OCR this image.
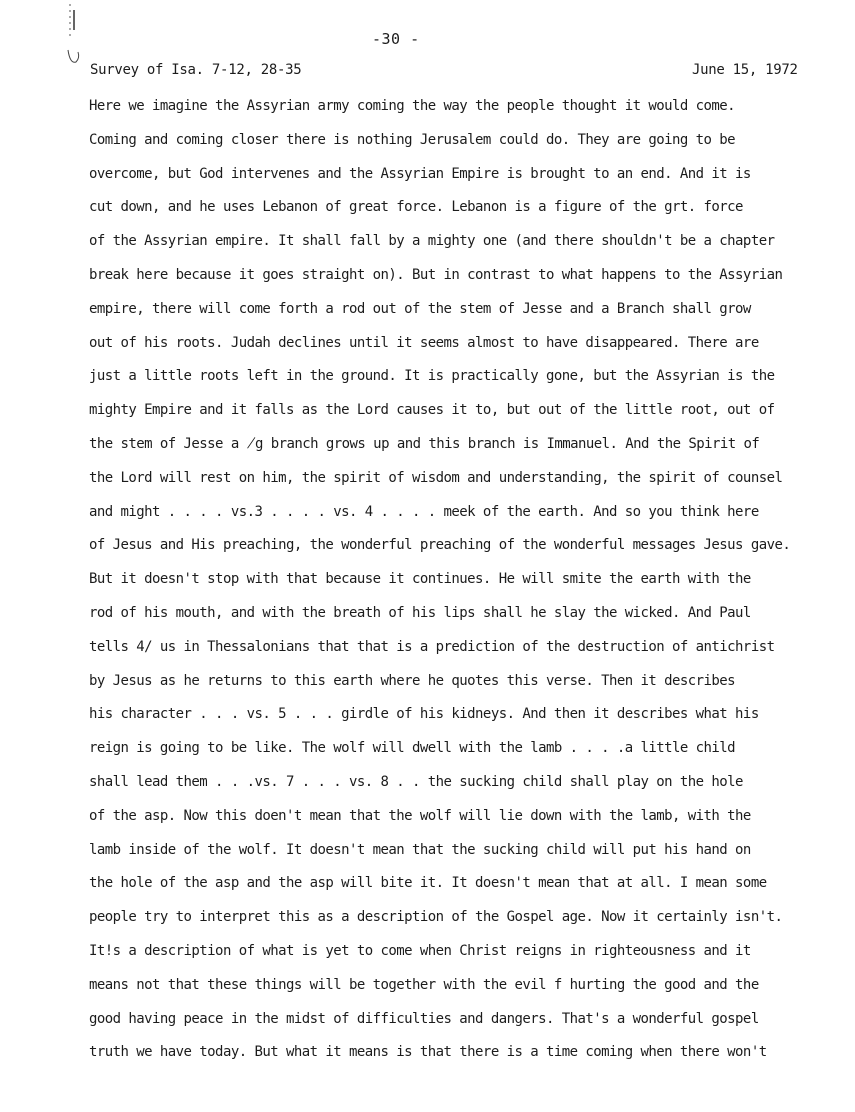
-30 -
Survey of Isa. 7-12, 28-35	June 15, 1972
Here we imagine the Assyrian army coming the way the people thought it would come.
Coming and coming closer there is nothing Jerusalem could do. They are going to be
overcome, but God intervenes and the Assyrian Empire is brought to an end. And it is
cut down, and he uses Lebanon of great force. Lebanon is a figure of the grt. force
of the Assyrian empire. It shall fall by a mighty one (and there shouldn't be a chapter
break here because it goes straight on). But in contrast to what happens to the Assyrian
empire, there will come forth a rod out of the stem of Jesse and a Branch shall grow
out of his roots. Judah declines until it seems almost to have disappeared. There are
just a little roots left in the ground. It is practically gone, but the Assyrian is the
mighty Empire and it falls as the Lord causes it to, but out of the little root, out of
the stem of Jesse a ̸g branch grows up and this branch is Immanuel. And the Spirit of
the Lord will rest on him, the spirit of wisdom and understanding, the spirit of counsel
and might . . . . vs.3 . . . . vs. 4 . . . . meek of the earth. And so you think here
of Jesus and His preaching, the wonderful preaching of the wonderful messages Jesus gave.
But it doesn't stop with that because it continues. He will smite the earth with the
rod of his mouth, and with the breath of his lips shall he slay the wicked. And Paul
tells 4/ us in Thessalonians that that is a prediction of the destruction of antichrist
by Jesus as he returns to this earth where he quotes this verse. Then it describes
his character . . . vs. 5 . . . girdle of his kidneys. And then it describes what his
reign is going to be like. The wolf will dwell with the lamb . . . .a little child
shall lead them . . .vs. 7 . . . vs. 8 . . the sucking child shall play on the hole
of the asp. Now this doen't mean that the wolf will lie down with the lamb, with the
lamb inside of the wolf. It doesn't mean that the sucking child will put his hand on
the hole of the asp and the asp will bite it. It doesn't mean that at all. I mean some
people try to interpret this as a description of the Gospel age. Now it certainly isn't.
It!s a description of what is yet to come when Christ reigns in righteousness and it
means not that these things will be together with the evil f hurting the good and the
good having peace in the midst of difficulties and dangers. That's a wonderful gospel
truth we have today. But what it means is that there is a time coming when there won't
